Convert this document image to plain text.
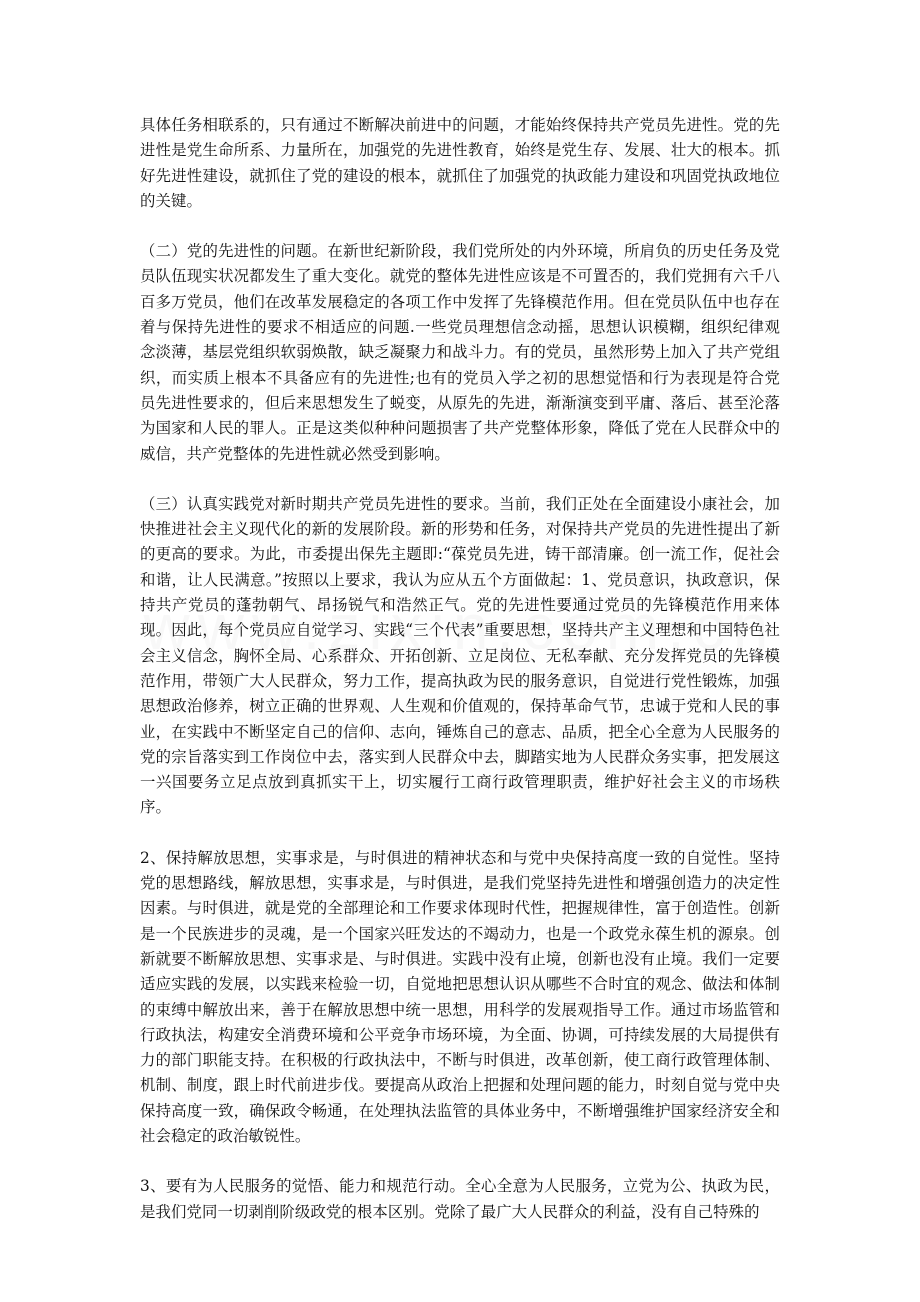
具体任务相联系的，只有通过不断解决前进中的问题，才能始终保持共产党员先进性。党的先进性是党生命所系、力量所在，加强党的先进性教育，始终是党生存、发展、壮大的根本。抓好先进性建设，就抓住了党的建设的根本，就抓住了加强党的执政能力建设和巩固党执政地位的关键。

（二）党的先进性的问题。在新世纪新阶段，我们党所处的内外环境，所肩负的历史任务及党员队伍现实状况都发生了重大变化。就党的整体先进性应该是不可置否的，我们党拥有六千八百多万党员，他们在改革发展稳定的各项工作中发挥了先锋模范作用。但在党员队伍中也存在着与保持先进性的要求不相适应的问题.一些党员理想信念动摇，思想认识模糊，组织纪律观念淡薄，基层党组织软弱焕散，缺乏凝聚力和战斗力。有的党员，虽然形势上加入了共产党组织，而实质上根本不具备应有的先进性;也有的党员入学之初的思想觉悟和行为表现是符合党员先进性要求的，但后来思想发生了蜕变，从原先的先进，渐渐演变到平庸、落后、甚至沦落为国家和人民的罪人。正是这类似种种问题损害了共产党整体形象，降低了党在人民群众中的威信，共产党整体的先进性就必然受到影响。

（三）认真实践党对新时期共产党员先进性的要求。当前，我们正处在全面建设小康社会，加快推进社会主义现代化的新的发展阶段。新的形势和任务，对保持共产党员的先进性提出了新的更高的要求。为此，市委提出保先主题即:“葆党员先进，铸干部清廉。创一流工作，促社会和谐，让人民满意。”按照以上要求，我认为应从五个方面做起：1、党员意识，执政意识，保持共产党员的蓬勃朝气、昂扬锐气和浩然正气。党的先进性要通过党员的先锋模范作用来体现。因此，每个党员应自觉学习、实践“三个代表”重要思想，坚持共产主义理想和中国特色社会主义信念，胸怀全局、心系群众、开拓创新、立足岗位、无私奉献、充分发挥党员的先锋模范作用，带领广大人民群众，努力工作，提高执政为民的服务意识，自觉进行党性锻炼，加强思想政治修养，树立正确的世界观、人生观和价值观的，保持革命气节，忠诚于党和人民的事业，在实践中不断坚定自己的信仰、志向，锤炼自己的意志、品质，把全心全意为人民服务的党的宗旨落实到工作岗位中去，落实到人民群众中去，脚踏实地为人民群众务实事，把发展这一兴国要务立足点放到真抓实干上，切实履行工商行政管理职责，维护好社会主义的市场秩序。

2、保持解放思想，实事求是，与时俱进的精神状态和与党中央保持高度一致的自觉性。坚持党的思想路线，解放思想，实事求是，与时俱进，是我们党坚持先进性和增强创造力的决定性因素。与时俱进，就是党的全部理论和工作要求体现时代性，把握规律性，富于创造性。创新是一个民族进步的灵魂，是一个国家兴旺发达的不竭动力，也是一个政党永葆生机的源泉。创新就要不断解放思想、实事求是、与时俱进。实践中没有止境，创新也没有止境。我们一定要适应实践的发展，以实践来检验一切，自觉地把思想认识从哪些不合时宜的观念、做法和体制的束缚中解放出来，善于在解放思想中统一思想，用科学的发展观指导工作。通过市场监管和行政执法，构建安全消费环境和公平竞争市场环境，为全面、协调，可持续发展的大局提供有力的部门职能支持。在积极的行政执法中，不断与时俱进，改革创新，使工商行政管理体制、机制、制度，跟上时代前进步伐。要提高从政治上把握和处理问题的能力，时刻自觉与党中央保持高度一致，确保政令畅通，在处理执法监管的具体业务中，不断增强维护国家经济安全和社会稳定的政治敏锐性。

3、要有为人民服务的觉悟、能力和规范行动。全心全意为人民服务，立党为公、执政为民，是我们党同一切剥削阶级政党的根本区别。党除了最广大人民群众的利益，没有自己特殊的
